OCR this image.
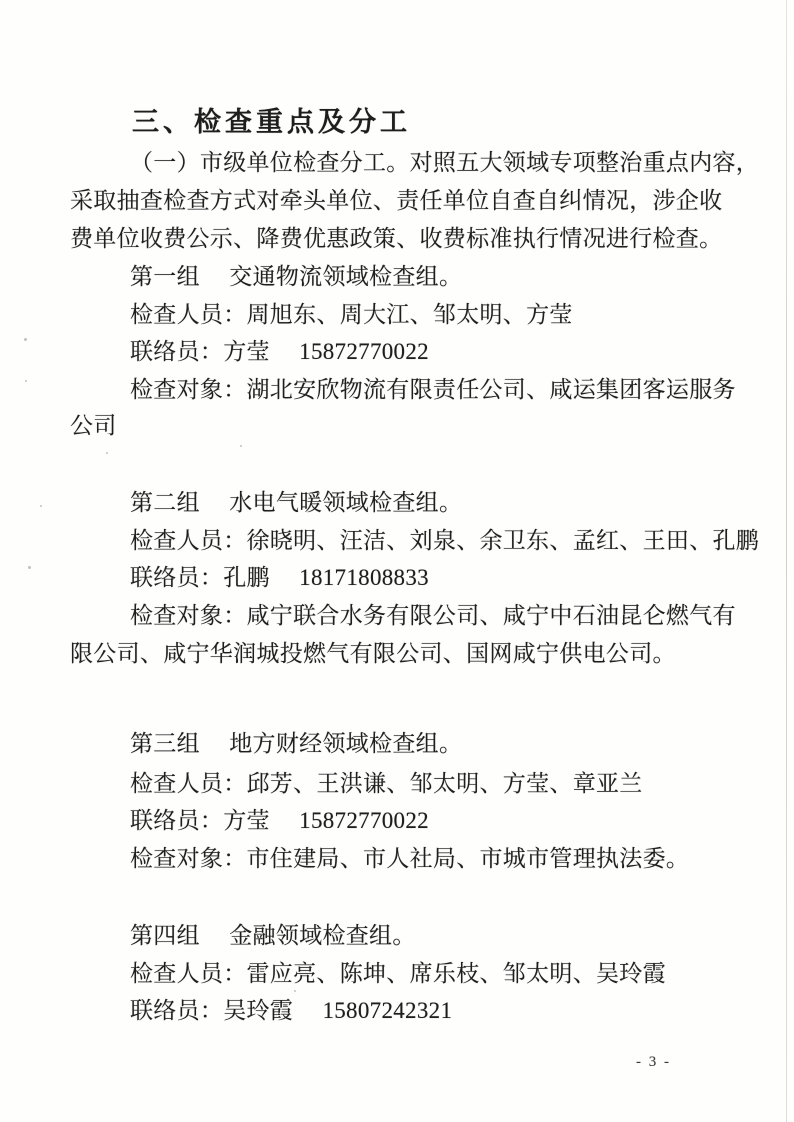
三、检查重点及分工
（一）市级单位检查分工。对照五大领域专项整治重点内容，
采取抽查检查方式对牵头单位、责任单位自查自纠情况，涉企收
费单位收费公示、降费优惠政策、收费标准执行情况进行检查。
第一组　 交通物流领域检查组。
检查人员：周旭东、周大江、邹太明、方莹
联络员：方莹　 15872770022
检查对象：湖北安欣物流有限责任公司、咸运集团客运服务
公司
第二组　 水电气暖领域检查组。
检查人员：徐晓明、汪洁、刘泉、余卫东、孟红、王田、孔鹏
联络员：孔鹏　 18171808833
检查对象：咸宁联合水务有限公司、咸宁中石油昆仑燃气有
限公司、咸宁华润城投燃气有限公司、国网咸宁供电公司。
第三组　 地方财经领域检查组。
检查人员：邱芳、王洪谦、邹太明、方莹、章亚兰
联络员：方莹　 15872770022
检查对象：市住建局、市人社局、市城市管理执法委。
第四组　 金融领域检查组。
检查人员：雷应亮、陈坤、席乐枝、邹太明、吴玲霞
联络员：吴玲霞　 15807242321
- 3 -
